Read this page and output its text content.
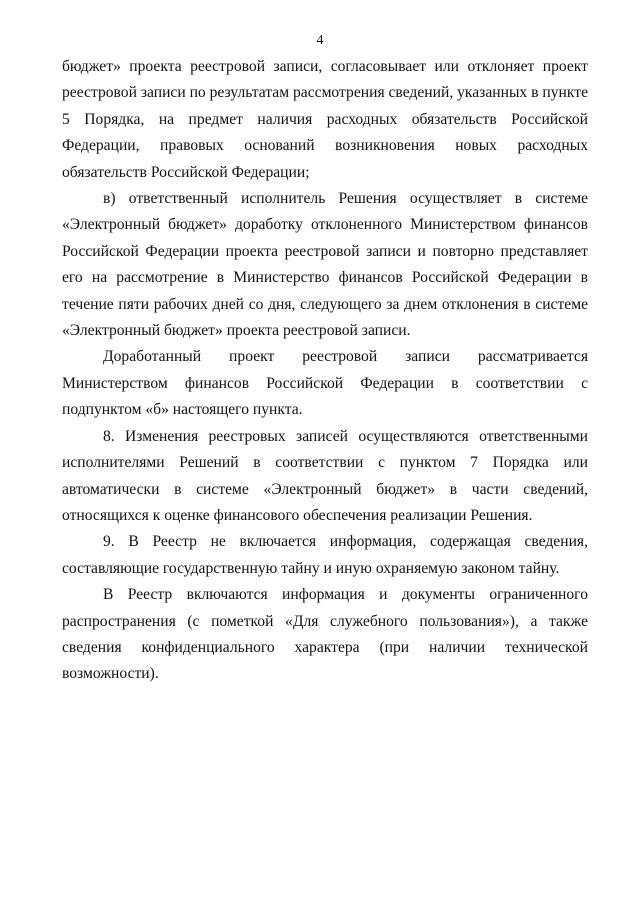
4

бюджет» проекта реестровой записи, согласовывает или отклоняет проект реестровой записи по результатам рассмотрения сведений, указанных в пункте 5 Порядка, на предмет наличия расходных обязательств Российской Федерации, правовых оснований возникновения новых расходных обязательств Российской Федерации;

в) ответственный исполнитель Решения осуществляет в системе «Электронный бюджет» доработку отклоненного Министерством финансов Российской Федерации проекта реестровой записи и повторно представляет его на рассмотрение в Министерство финансов Российской Федерации в течение пяти рабочих дней со дня, следующего за днем отклонения в системе «Электронный бюджет» проекта реестровой записи.

Доработанный проект реестровой записи рассматривается Министерством финансов Российской Федерации в соответствии с подпунктом «б» настоящего пункта.

8. Изменения реестровых записей осуществляются ответственными исполнителями Решений в соответствии с пунктом 7 Порядка или автоматически в системе «Электронный бюджет» в части сведений, относящихся к оценке финансового обеспечения реализации Решения.

9. В Реестр не включается информация, содержащая сведения, составляющие государственную тайну и иную охраняемую законом тайну.

В Реестр включаются информация и документы ограниченного распространения (с пометкой «Для служебного пользования»), а также сведения конфиденциального характера (при наличии технической возможности).
